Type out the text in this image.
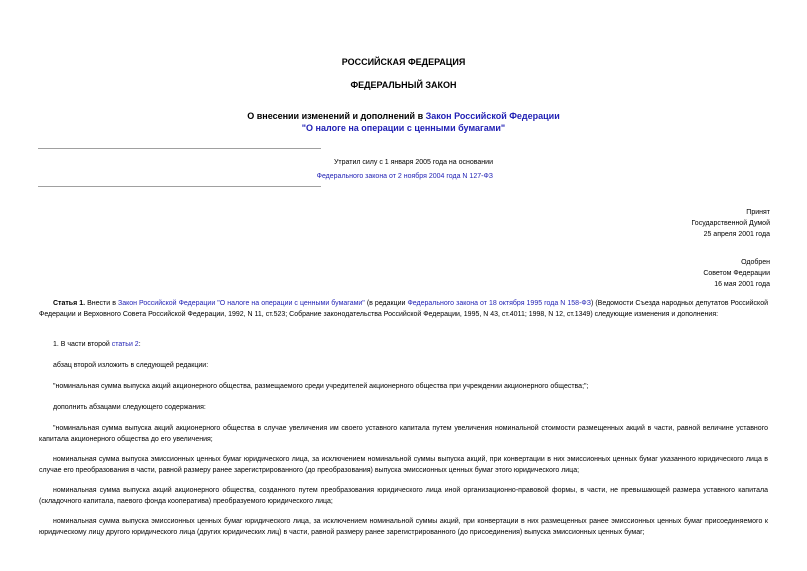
РОССИЙСКАЯ ФЕДЕРАЦИЯ
ФЕДЕРАЛЬНЫЙ ЗАКОН
О внесении изменений и дополнений в Закон Российской Федерации
"О налоге на операции с ценными бумагами"
Утратил силу с 1 января 2005 года на основании
Федерального закона от 2 ноября 2004 года N 127-ФЗ
Принят
Государственной Думой
25 апреля 2001 года
Одобрен
Советом Федерации
16 мая 2001 года
Статья 1. Внести в Закон Российской Федерации "О налоге на операции с ценными бумагами" (в редакции Федерального закона от 18 октября 1995 года N 158-ФЗ) (Ведомости Съезда народных депутатов Российской Федерации и Верховного Совета Российской Федерации, 1992, N 11, ст.523; Собрание законодательства Российской Федерации, 1995, N 43, ст.4011; 1998, N 12, ст.1349) следующие изменения и дополнения:
1. В части второй статьи 2:
абзац второй изложить в следующей редакции:
"номинальная сумма выпуска акций акционерного общества, размещаемого среди учредителей акционерного общества при учреждении акционерного общества;";
дополнить абзацами следующего содержания:
"номинальная сумма выпуска акций акционерного общества в случае увеличения им своего уставного капитала путем увеличения номинальной стоимости размещенных акций в части, равной величине уставного капитала акционерного общества до его увеличения;
номинальная сумма выпуска эмиссионных ценных бумаг юридического лица, за исключением номинальной суммы выпуска акций, при конвертации в них эмиссионных ценных бумаг указанного юридического лица в случае его преобразования в части, равной размеру ранее зарегистрированного (до преобразования) выпуска эмиссионных ценных бумаг этого юридического лица;
номинальная сумма выпуска акций акционерного общества, созданного путем преобразования юридического лица иной организационно-правовой формы, в части, не превышающей размера уставного капитала (складочного капитала, паевого фонда кооператива) преобразуемого юридического лица;
номинальная сумма выпуска эмиссионных ценных бумаг юридического лица, за исключением номинальной суммы акций, при конвертации в них размещенных ранее эмиссионных ценных бумаг присоединяемого к юридическому лицу другого юридического лица (других юридических лиц) в части, равной размеру ранее зарегистрированного (до присоединения) выпуска эмиссионных ценных бумаг;
